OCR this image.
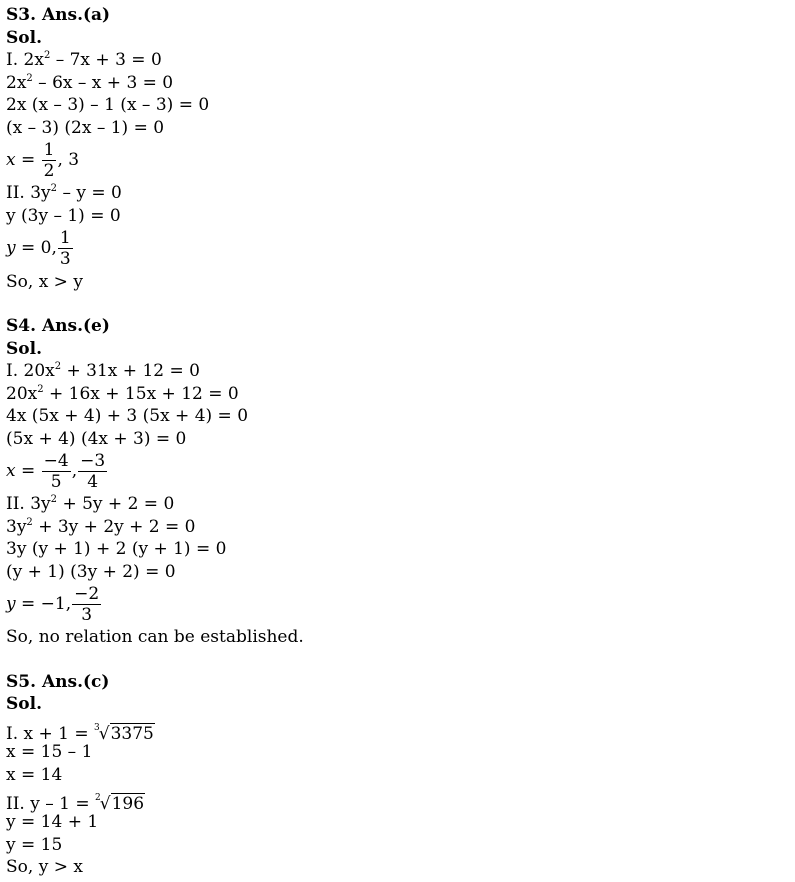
S3. Ans.(a)
Sol.
I. $2x^2 - 7x + 3 = 0$
$2x^2 - 6x - x + 3 = 0$
2x (x – 3) – 1 (x – 3) = 0
(x – 3) (2x – 1) = 0
$x = \frac{1}{2}$ , 3
II. $3y^2 - y = 0$
y (3y – 1) = 0
y = 0, $\frac{1}{3}$
So, x > y
S4. Ans.(e)
Sol.
I. $20x^2 + 31x + 12 = 0$
$20x^2 + 16x + 15x + 12 = 0$
4x (5x + 4) + 3 (5x + 4) = 0
(5x + 4) (4x + 3) = 0
$x = \frac{-4}{5}$ , $\frac{-3}{4}$
II. $3y^2 + 5y + 2 = 0$
$3y^2 + 3y + 2y + 2 = 0$
3y (y + 1) + 2 (y + 1) = 0
(y + 1) (3y + 2) = 0
y = −1, $\frac{-2}{3}$
So, no relation can be established.
S5. Ans.(c)
Sol.
I. x + 1 = $^3$√3375
x = 15 – 1
x = 14
II. y – 1 = $^2$√196
y = 14 + 1
y = 15
So, y > x
